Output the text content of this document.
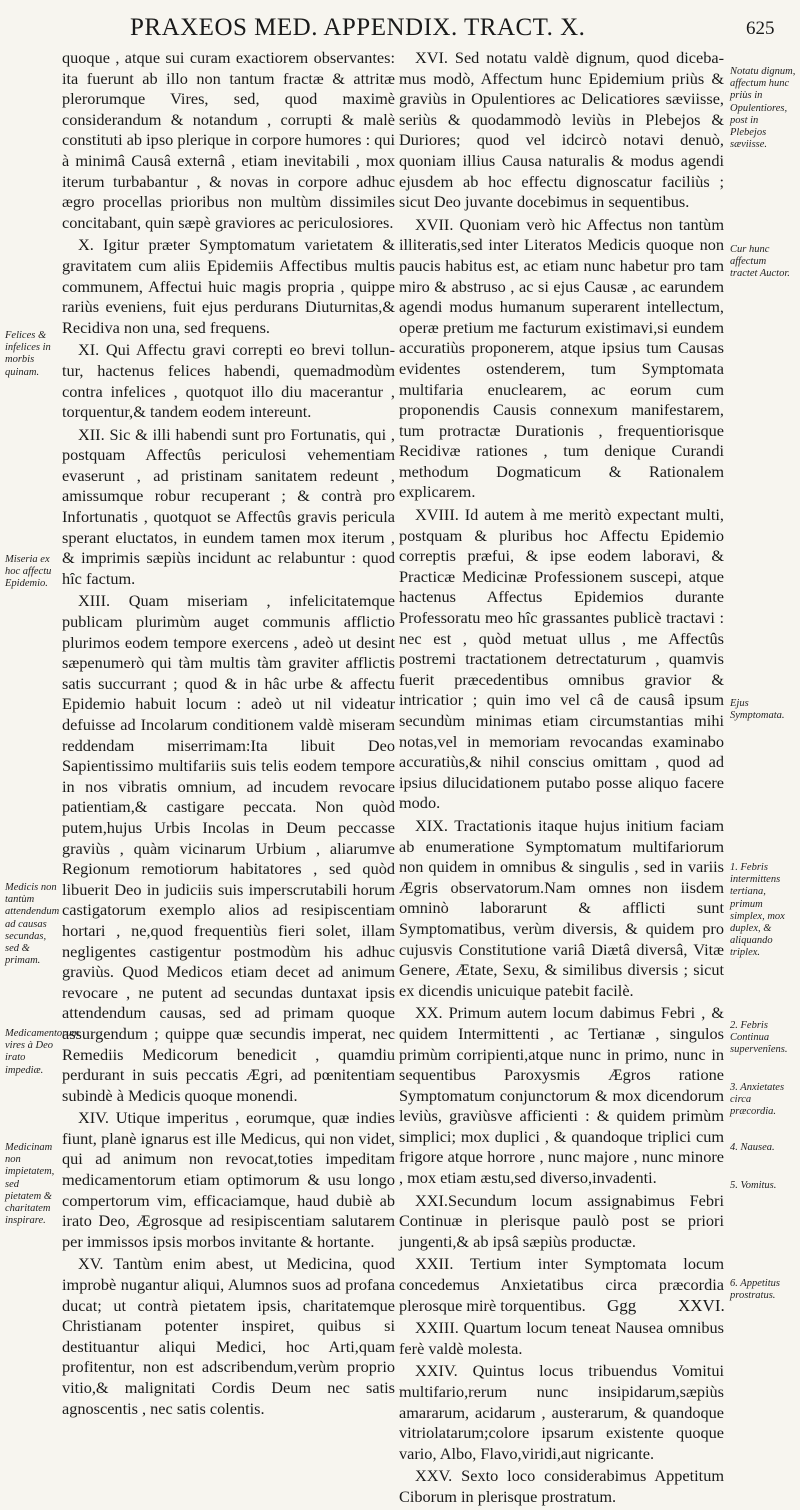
PRAXEOS MED. APPENDIX. TRACT. X.	625

quoque , atque sui curam exactiorem observantes: ita fuerunt ab illo non tantum fractæ & attritæ plerorumque Vires, sed, quod maximè considerandum & notandum , corrupti & malè constituti ab ipso plerique in corpore humores : qui à minimâ Causâ externâ , etiam inevitabili , mox iterum turbabantur , & novas in corpore adhuc ægro procellas prioribus non multùm dissimiles concitabant, quin sæpè graviores ac periculosiores.

X. Igitur præter Symptomatum varietatem & gravitatem cum aliis Epidemiis Affectibus multis communem, Affectui huic magis propria , quippe rariùs eveniens, fuit ejus perdurans Diuturnitas,& Recidiva non una, sed frequens.

XI. Qui Affectu gravi correpti eo brevi tollun-tur, hactenus felices habendi, quemadmodùm contra infelices , quotquot illo diu macerantur , torquentur,& tandem eodem intereunt.

XII. Sic & illi habendi sunt pro Fortunatis, qui , postquam Affectûs periculosi vehementiam evaserunt , ad pristinam sanitatem redeunt , amissumque robur recuperant ; & contrà pro Infortunatis , quotquot se Affectûs gravis pericula sperant eluctatos, in eundem tamen mox iterum , & imprimis sæpiùs incidunt ac relabuntur : quod hîc factum.

XIII. Quam miseriam , infelicitatemque publicam plurimùm auget communis afflictio plurimos eodem tempore exercens , adeò ut desint sæpenumerò qui tàm multis tàm graviter afflictis satis succurrant ; quod & in hâc urbe & affectu Epidemio habuit locum : adeò ut nil videatur defuisse ad Incolarum conditionem valdè miseram reddendam miserrimam:Ita libuit Deo Sapientissimo multifariis suis telis eodem tempore in nos vibratis omnium, ad incudem revocare patientiam,& castigare peccata. Non quòd putem,hujus Urbis Incolas in Deum peccasse graviùs , quàm vicinarum Urbium , aliarumve Regionum remotiorum habitatores , sed quòd libuerit Deo in judiciis suis imperscrutabili horum castigatorum exemplo alios ad resipiscentiam hortari , ne,quod frequentiùs fieri solet, illam negligentes castigentur postmodùm his adhuc graviùs. Quod Medicos etiam decet ad animum revocare , ne putent ad secundas duntaxat ipsis attendendum causas, sed ad primam quoque assurgendum ; quippe quæ secundis imperat, nec Remediis Medicorum benedicit , quamdiu perdurant in suis peccatis Ægri, ad pœnitentiam subindè à Medicis quoque monendi.

XIV. Utique imperitus , eorumque, quæ indies fiunt, planè ignarus est ille Medicus, qui non videt, qui ad animum non revocat,toties impeditam medicamentorum etiam optimorum & usu longo compertorum vim, efficaciamque, haud dubiè ab irato Deo, Ægrosque ad resipiscentiam salutarem per immissos ipsis morbos invitante & hortante.

XV. Tantùm enim abest, ut Medicina, quod improbè nugantur aliqui, Alumnos suos ad profana ducat; ut contrà pietatem ipsis, charitatemque Christianam potenter inspiret, quibus si destituantur aliqui Medici, hoc Arti,quam profitentur, non est adscribendum,verùm proprio vitio,& malignitati Cordis Deum nec satis agnoscentis , nec satis colentis.

XVI. Sed notatu valdè dignum, quod diceba-mus modò, Affectum hunc Epidemium priùs & graviùs in Opulentiores ac Delicatiores sæviisse, seriùs & quodammodò leviùs in Plebejos & Duriores; quod vel idcircò notavi denuò, quoniam illius Causa naturalis & modus agendi ejusdem ab hoc effectu dignoscatur faciliùs ; sicut Deo juvante docebimus in sequentibus.

XVII. Quoniam verò hic Affectus non tantùm illiteratis,sed inter Literatos Medicis quoque non paucis habitus est, ac etiam nunc habetur pro tam miro & abstruso , ac si ejus Causæ , ac earundem agendi modus humanum superarent intellectum, operæ pretium me facturum existimavi,si eundem accuratiùs proponerem, atque ipsius tum Causas evidentes ostenderem, tum Symptomata multifaria enuclearem, ac eorum cum proponendis Causis connexum manifestarem, tum protractæ Durationis , frequentiorisque Recidivæ rationes , tum denique Curandi methodum Dogmaticum & Rationalem explicarem.

XVIII. Id autem à me meritò expectant multi, postquam & pluribus hoc Affectu Epidemio correptis præfui, & ipse eodem laboravi, & Practicæ Medicinæ Professionem suscepi, atque hactenus Affectus Epidemios durante Professoratu meo hîc grassantes publicè tractavi : nec est , quòd metuat ullus , me Affectûs postremi tractationem detrectaturum , quamvis fuerit præcedentibus omnibus gravior & intricatior ; quin imo vel câ de causâ ipsum secundùm minimas etiam circumstantias mihi notas,vel in memoriam revocandas examinabo accuratiùs,& nihil conscius omittam , quod ad ipsius dilucidationem putabo posse aliquo facere modo.

XIX. Tractationis itaque hujus initium faciam ab enumeratione Symptomatum multifariorum non quidem in omnibus & singulis , sed in variis Ægris observatorum.Nam omnes non iisdem omninò laborarunt & afflicti sunt Symptomatibus, verùm diversis, & quidem pro cujusvis Constitutione variâ Diætâ diversâ, Vitæ Genere, Ætate, Sexu, & similibus diversis ; sicut ex dicendis unicuique patebit facilè.

XX. Primum autem locum dabimus Febri , & quidem Intermittenti , ac Tertianæ , singulos primùm corripienti,atque nunc in primo, nunc in sequentibus Paroxysmis Ægros ratione Symptomatum conjunctorum & mox dicendorum leviùs, graviùsve afficienti : & quidem primùm simplici; mox duplici , & quandoque triplici cum frigore atque horrore , nunc majore , nunc minore , mox etiam æstu,sed diverso,invadenti.

XXI.Secundum locum assignabimus Febri Continuæ in plerisque paulò post se priori jungenti,& ab ipsâ sæpiùs productæ.

XXII. Tertium inter Symptomata locum concedemus Anxietatibus circa præcordia plerosque mirè torquentibus.

XXIII. Quartum locum teneat Nausea omnibus ferè valdè molesta.

XXIV. Quintus locus tribuendus Vomitui multifario,rerum nunc insipidarum,sæpiùs amararum, acidarum , austerarum, & quandoque vitriolatarum;colore ipsarum existente quoque vario, Albo, Flavo,viridi,aut nigricante.

XXV. Sexto loco considerabimus Appetitum Ciborum in plerisque prostratum.

Felices & infelices in morbis quinam.
Miseria ex hoc affectu Epidemio.
Medicis non tantùm attendendum ad causas secundas, sed & primam.
Medicamentorum vires à Deo irato impediæ.
Medicinam non impietatem, sed pietatem & charitatem inspirare.
Notatu dignum, affectum hunc priùs in Opulentiores, post in Plebejos sæviisse.
Cur hunc affectum tractet Auctor.
Ejus Symptomata.
1. Febris intermittens tertiana, primum simplex, mox duplex, & aliquando triplex.
2. Febris Continua supervenîens.
3. Anxietates circa præcordia.
4. Nausea.
5. Vomitus.
6. Appetitus prostratus.
Ggg XXVI.
